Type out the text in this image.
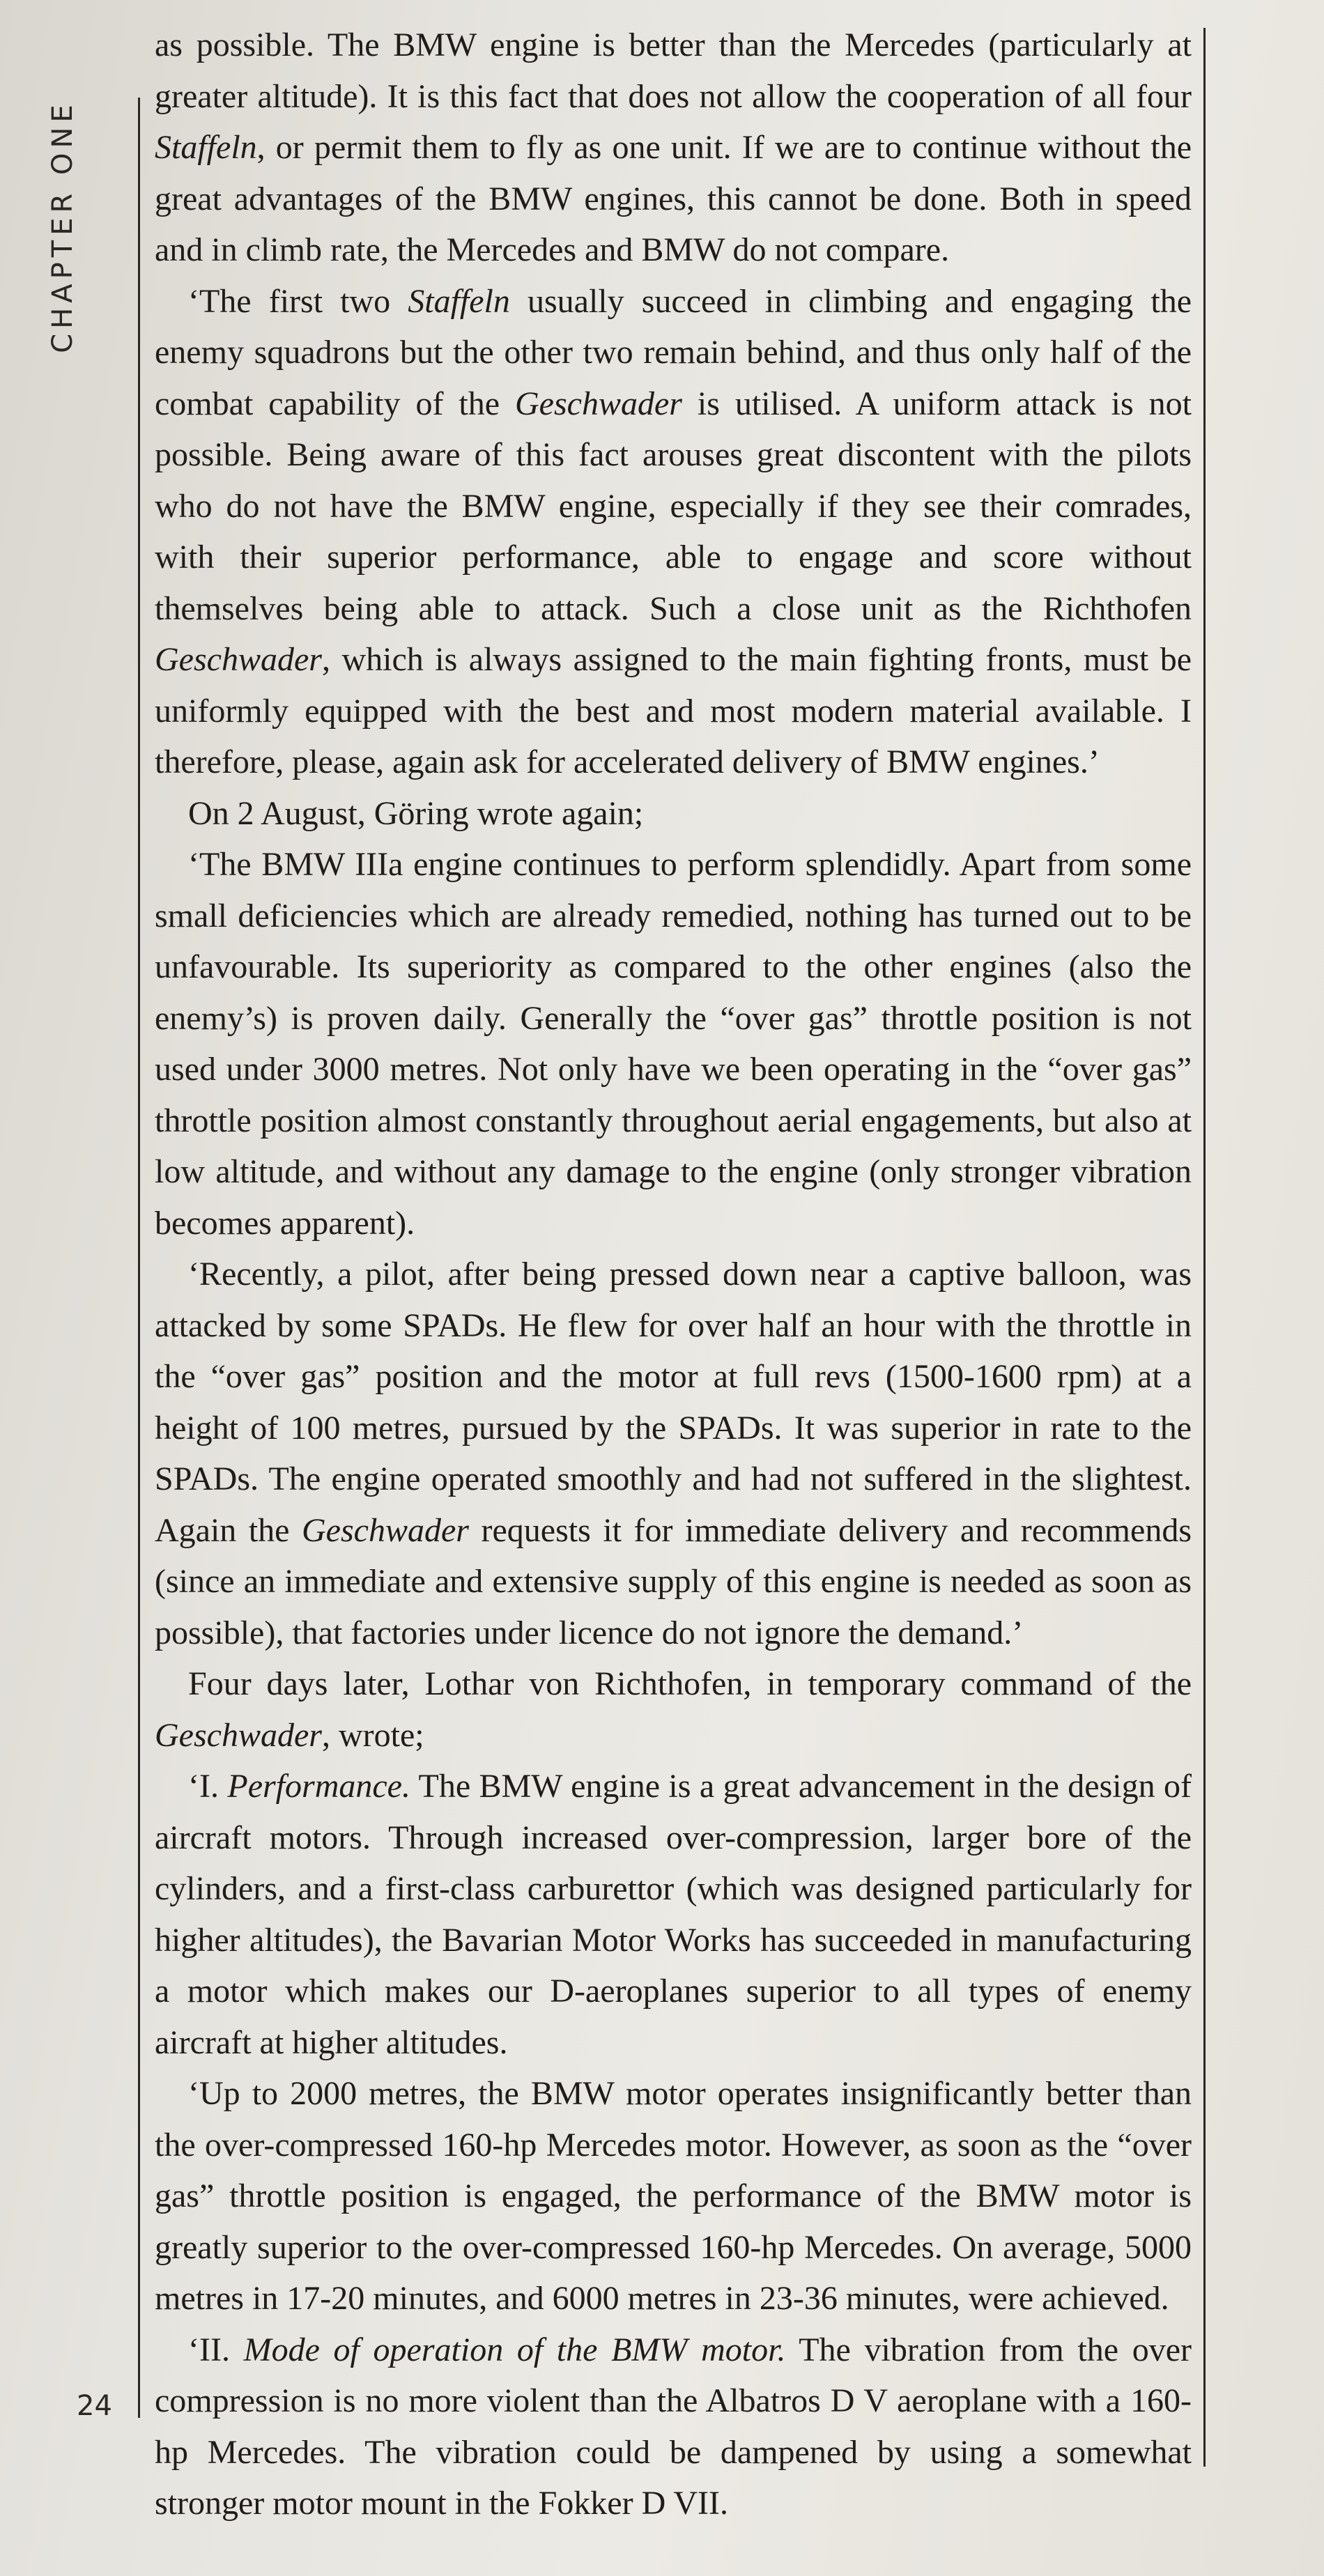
CHAPTER ONE
24

as possible. The BMW engine is better than the Mercedes (particularly at greater altitude). It is this fact that does not allow the cooperation of all four Staffeln, or permit them to fly as one unit. If we are to continue without the great advantages of the BMW engines, this cannot be done. Both in speed and in climb rate, the Mercedes and BMW do not compare.

‘The first two Staffeln usually succeed in climbing and engaging the enemy squadrons but the other two remain behind, and thus only half of the combat capability of the Geschwader is utilised. A uniform attack is not possible. Being aware of this fact arouses great discontent with the pilots who do not have the BMW engine, especially if they see their comrades, with their superior performance, able to engage and score without themselves being able to attack. Such a close unit as the Richthofen Geschwader, which is always assigned to the main fighting fronts, must be uniformly equipped with the best and most modern material available. I therefore, please, again ask for accelerated delivery of BMW engines.’

On 2 August, Göring wrote again;

‘The BMW IIIa engine continues to perform splendidly. Apart from some small deficiencies which are already remedied, nothing has turned out to be unfavourable. Its superiority as compared to the other engines (also the enemy’s) is proven daily. Generally the “over gas” throttle position is not used under 3000 metres. Not only have we been operating in the “over gas” throttle position almost constantly throughout aerial engagements, but also at low altitude, and without any damage to the engine (only stronger vibration becomes apparent).

‘Recently, a pilot, after being pressed down near a captive balloon, was attacked by some SPADs. He flew for over half an hour with the throttle in the “over gas” position and the motor at full revs (1500-1600 rpm) at a height of 100 metres, pursued by the SPADs. It was superior in rate to the SPADs. The engine operated smoothly and had not suffered in the slightest. Again the Geschwader requests it for immediate delivery and recommends (since an immediate and extensive supply of this engine is needed as soon as possible), that factories under licence do not ignore the demand.’

Four days later, Lothar von Richthofen, in temporary command of the Geschwader, wrote;

‘I. Performance. The BMW engine is a great advancement in the design of aircraft motors. Through increased over-compression, larger bore of the cylinders, and a first-class carburettor (which was designed particularly for higher altitudes), the Bavarian Motor Works has succeeded in manufacturing a motor which makes our D-aeroplanes superior to all types of enemy aircraft at higher altitudes.

‘Up to 2000 metres, the BMW motor operates insignificantly better than the over-compressed 160-hp Mercedes motor. However, as soon as the “over gas” throttle position is engaged, the performance of the BMW motor is greatly superior to the over-compressed 160-hp Mercedes. On average, 5000 metres in 17-20 minutes, and 6000 metres in 23-36 minutes, were achieved.

‘II. Mode of operation of the BMW motor. The vibration from the over compression is no more violent than the Albatros D V aeroplane with a 160-hp Mercedes. The vibration could be dampened by using a somewhat stronger motor mount in the Fokker D VII.
